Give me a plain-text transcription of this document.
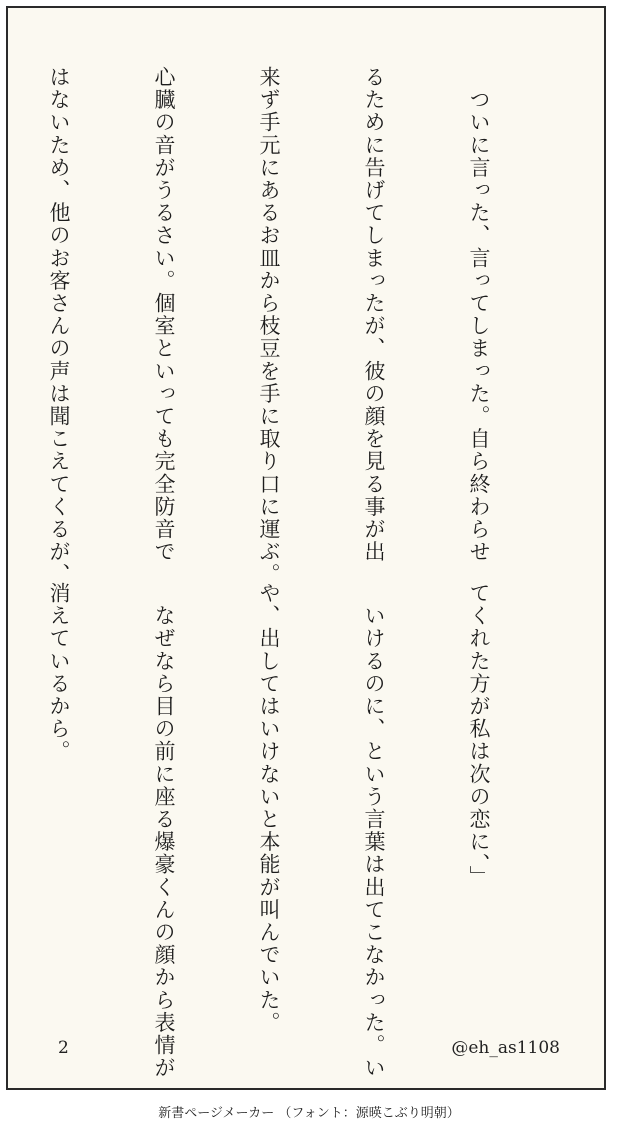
　ついに言った、言ってしまった。自ら終わらせ

るために告げてしまったが、彼の顔を見る事が出

来ず手元にあるお皿から枝豆を手に取り口に運ぶ。

心臓の音がうるさい。個室といっても完全防音で

はないため、他のお客さんの声は聞こえてくるが、

てくれた方が私は次の恋に、」

　いけるのに、という言葉は出てこなかった。い

や、出してはいけないと本能が叫んでいた。

　なぜなら目の前に座る爆豪くんの顔から表情が

消えているから。

2	@eh_as1108
新書ページメーカー （フォント：源暎こぶり明朝）
